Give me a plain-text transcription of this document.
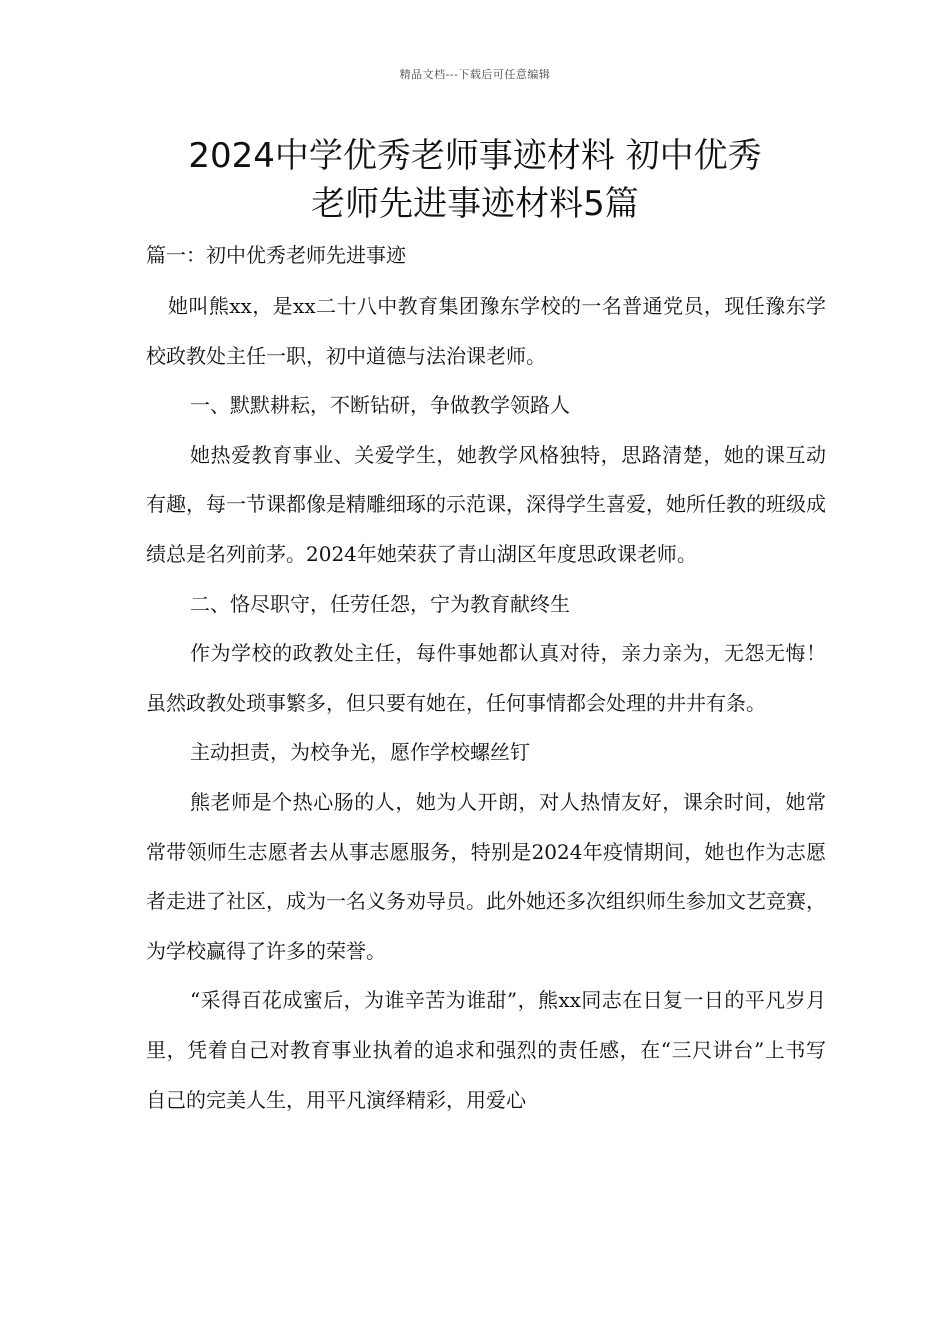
精品文档---下载后可任意编辑
2024中学优秀老师事迹材料 初中优秀
老师先进事迹材料5篇
篇一：初中优秀老师先进事迹

她叫熊xx，是xx二十八中教育集团豫东学校的一名普通党员，现任豫东学校政教处主任一职，初中道德与法治课老师。

一、默默耕耘，不断钻研，争做教学领路人

她热爱教育事业、关爱学生，她教学风格独特，思路清楚，她的课互动有趣，每一节课都像是精雕细琢的示范课，深得学生喜爱，她所任教的班级成绩总是名列前茅。2024年她荣获了青山湖区年度思政课老师。

二、恪尽职守，任劳任怨，宁为教育献终生

作为学校的政教处主任，每件事她都认真对待，亲力亲为，无怨无悔！虽然政教处琐事繁多，但只要有她在，任何事情都会处理的井井有条。

主动担责，为校争光，愿作学校螺丝钉

熊老师是个热心肠的人，她为人开朗，对人热情友好，课余时间，她常常带领师生志愿者去从事志愿服务，特别是2024年疫情期间，她也作为志愿者走进了社区，成为一名义务劝导员。此外她还多次组织师生参加文艺竞赛，为学校赢得了许多的荣誉。

“采得百花成蜜后，为谁辛苦为谁甜”，熊xx同志在日复一日的平凡岁月里，凭着自己对教育事业执着的追求和强烈的责任感，在“三尺讲台”上书写自己的完美人生，用平凡演绎精彩，用爱心
